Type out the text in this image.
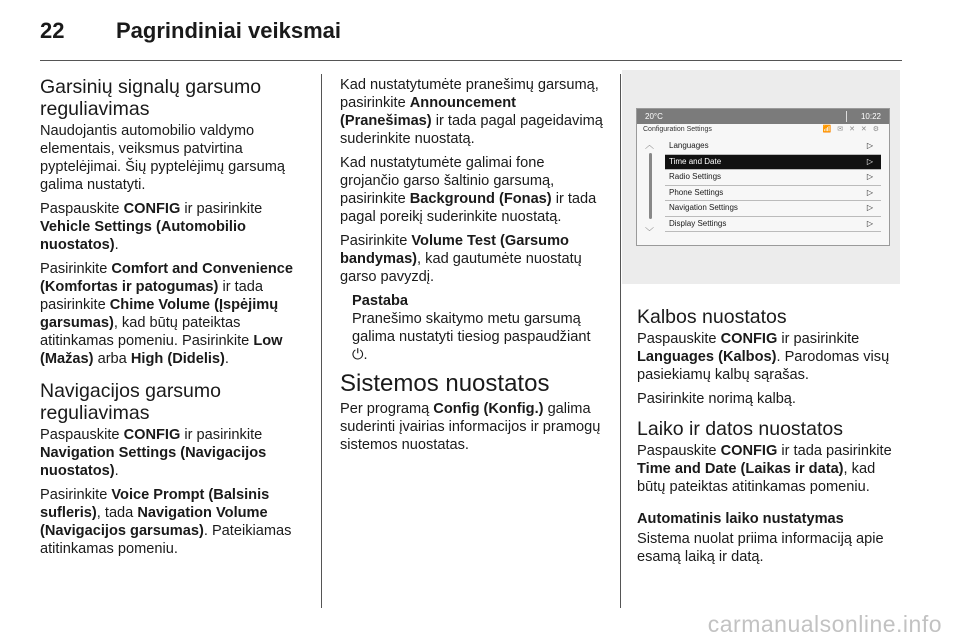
22 Pagrindiniai veiksmai
Garsinių signalų garsumo reguliavimas

Naudojantis automobilio valdymo elementais, veiksmus patvirtina pyptelėjimai. Šių pyptelėjimų garsumą galima nustatyti.

Paspauskite CONFIG ir pasirinkite Vehicle Settings (Automobilio nuostatos).

Pasirinkite Comfort and Convenience (Komfortas ir patogumas) ir tada pasirinkite Chime Volume (Įspėjimų garsumas), kad būtų pateiktas atitinkamas pomeniu. Pasirinkite Low (Mažas) arba High (Didelis).

Navigacijos garsumo reguliavimas

Paspauskite CONFIG ir pasirinkite Navigation Settings (Navigacijos nuostatos).

Pasirinkite Voice Prompt (Balsinis sufleris), tada Navigation Volume (Navigacijos garsumas). Pateikiamas atitinkamas pomeniu.

Kad nustatytumėte pranešimų garsumą, pasirinkite Announcement (Pranešimas) ir tada pagal pageidavimą suderinkite nuostatą.

Kad nustatytumėte galimai fone grojančio garso šaltinio garsumą, pasirinkite Background (Fonas) ir tada pagal poreikį suderinkite nuostatą.

Pasirinkite Volume Test (Garsumo bandymas), kad gautumėte nuostatų garso pavyzdį.

Pastaba
Pranešimo skaitymo metu garsumą galima nustatyti tiesiog paspaudžiant ⏻.
Sistemos nuostatos

Per programą Config (Konfig.) galima suderinti įvairias informacijos ir pramogų sistemos nuostatas.

20°C	10:22
Configuration Settings	📶 ✉ ✕ ✕ ⚙
︿
﹀
Languages	▷
Time and Date	▷
Radio Settings	▷
Phone Settings	▷
Navigation Settings	▷
Display Settings	▷
Kalbos nuostatos

Paspauskite CONFIG ir pasirinkite Languages (Kalbos). Parodomas visų pasiekiamų kalbų sąrašas.

Pasirinkite norimą kalbą.

Laiko ir datos nuostatos

Paspauskite CONFIG ir tada pasirinkite Time and Date (Laikas ir data), kad būtų pateiktas atitinkamas pomeniu.

Automatinis laiko nustatymas

Sistema nuolat priima informaciją apie esamą laiką ir datą.

carmanualsonline.info
